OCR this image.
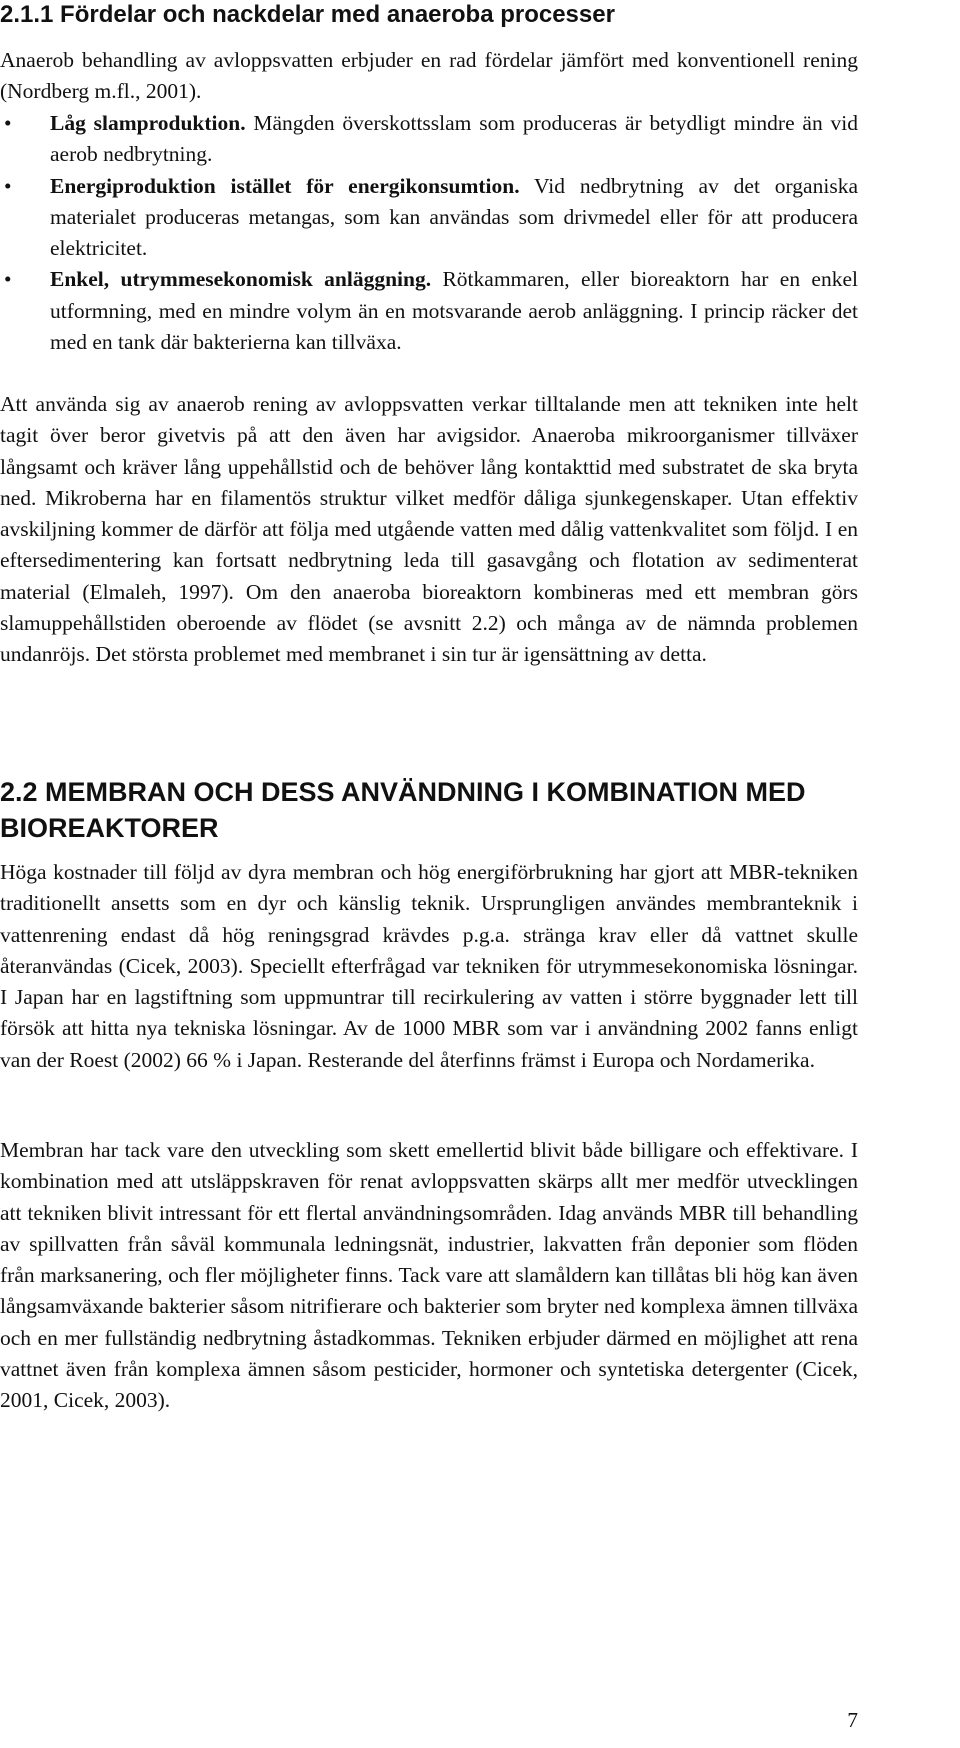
2.1.1 Fördelar och nackdelar med anaeroba processer

Anaerob behandling av avloppsvatten erbjuder en rad fördelar jämfört med konventionell rening (Nordberg m.fl., 2001).

• Låg slamproduktion. Mängden överskottsslam som produceras är betydligt mindre än vid aerob nedbrytning.
• Energiproduktion istället för energikonsumtion. Vid nedbrytning av det organiska materialet produceras metangas, som kan användas som drivmedel eller för att producera elektricitet.
• Enkel, utrymmesekonomisk anläggning. Rötkammaren, eller bioreaktorn har en enkel utformning, med en mindre volym än en motsvarande aerob anläggning. I princip räcker det med en tank där bakterierna kan tillväxa.

Att använda sig av anaerob rening av avloppsvatten verkar tilltalande men att tekniken inte helt tagit över beror givetvis på att den även har avigsidor. Anaeroba mikroorganismer tillväxer långsamt och kräver lång uppehållstid och de behöver lång kontakttid med substratet de ska bryta ned. Mikroberna har en filamentös struktur vilket medför dåliga sjunkegenskaper. Utan effektiv avskiljning kommer de därför att följa med utgående vatten med dålig vattenkvalitet som följd. I en eftersedimentering kan fortsatt nedbrytning leda till gasavgång och flotation av sedimenterat material (Elmaleh, 1997). Om den anaeroba bioreaktorn kombineras med ett membran görs slamuppehållstiden oberoende av flödet (se avsnitt 2.2) och många av de nämnda problemen undanröjs. Det största problemet med membranet i sin tur är igensättning av detta.

2.2 MEMBRAN OCH DESS ANVÄNDNING I KOMBINATION MED BIOREAKTORER

Höga kostnader till följd av dyra membran och hög energiförbrukning har gjort att MBR-tekniken traditionellt ansetts som en dyr och känslig teknik. Ursprungligen användes membranteknik i vattenrening endast då hög reningsgrad krävdes p.g.a. stränga krav eller då vattnet skulle återanvändas (Cicek, 2003). Speciellt efterfrågad var tekniken för utrymmesekonomiska lösningar. I Japan har en lagstiftning som uppmuntrar till recirkulering av vatten i större byggnader lett till försök att hitta nya tekniska lösningar. Av de 1000 MBR som var i användning 2002 fanns enligt van der Roest (2002) 66 % i Japan. Resterande del återfinns främst i Europa och Nordamerika.

Membran har tack vare den utveckling som skett emellertid blivit både billigare och effektivare. I kombination med att utsläppskraven för renat avloppsvatten skärps allt mer medför utvecklingen att tekniken blivit intressant för ett flertal användningsområden. Idag används MBR till behandling av spillvatten från såväl kommunala ledningsnät, industrier, lakvatten från deponier som flöden från marksanering, och fler möjligheter finns. Tack vare att slamåldern kan tillåtas bli hög kan även långsamväxande bakterier såsom nitrifierare och bakterier som bryter ned komplexa ämnen tillväxa och en mer fullständig nedbrytning åstadkommas. Tekniken erbjuder därmed en möjlighet att rena vattnet även från komplexa ämnen såsom pesticider, hormoner och syntetiska detergenter (Cicek, 2001, Cicek, 2003).

7
